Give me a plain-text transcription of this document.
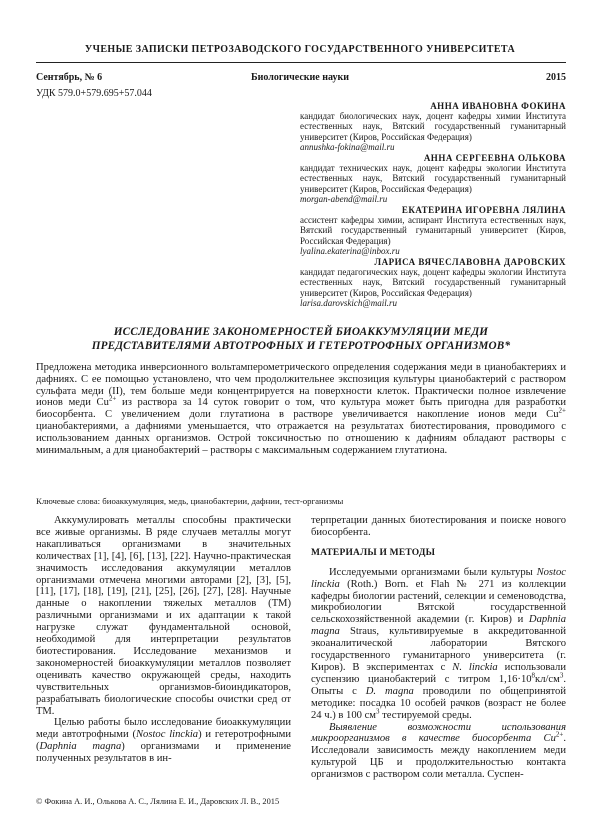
УЧЕНЫЕ ЗАПИСКИ ПЕТРОЗАВОДСКОГО ГОСУДАРСТВЕННОГО УНИВЕРСИТЕТА
Сентябрь, № 6	Биологические науки	2015
УДК 579.0+579.695+57.044
АННА ИВАНОВНА ФОКИНА
кандидат биологических наук, доцент кафедры химии Института естественных наук, Вятский государственный гуманитарный университет (Киров, Российская Федерация)
annushka-fokina@mail.ru
АННА СЕРГЕЕВНА ОЛЬКОВА
кандидат технических наук, доцент кафедры экологии Института естественных наук, Вятский государственный гуманитарный университет (Киров, Российская Федерация)
morgan-abend@mail.ru
ЕКАТЕРИНА ИГОРЕВНА ЛЯЛИНА
ассистент кафедры химии, аспирант Института естественных наук, Вятский государственный гуманитарный университет (Киров, Российская Федерация)
lyalina.ekaterina@inbox.ru
ЛАРИСА ВЯЧЕСЛАВОВНА ДАРОВСКИХ
кандидат педагогических наук, доцент кафедры экологии Института естественных наук, Вятский государственный гуманитарный университет (Киров, Российская Федерация)
larisa.darovskich@mail.ru
ИССЛЕДОВАНИЕ ЗАКОНОМЕРНОСТЕЙ БИОАККУМУЛЯЦИИ МЕДИ
ПРЕДСТАВИТЕЛЯМИ АВТОТРОФНЫХ И ГЕТЕРОТРОФНЫХ ОРГАНИЗМОВ*
Предложена методика инверсионного вольтамперометрического определения содержания меди в цианобактериях и дафниях. С ее помощью установлено, что чем продолжительнее экспозиция культуры цианобактерий с раствором сульфата меди (II), тем больше меди концентрируется на поверхности клеток. Практически полное извлечение ионов меди $Cu^{2+}$ из раствора за 14 суток говорит о том, что культура может быть пригодна для разработки биосорбента. С увеличением доли глутатиона в растворе увеличивается накопление ионов меди $Cu^{2+}$ цианобактериями, а дафниями уменьшается, что отражается на результатах биотестирования, проводимого с использованием данных организмов. Острой токсичностью по отношению к дафниям обладают растворы с минимальным, а для цианобактерий – растворы с максимальным содержанием глутатиона.
Ключевые слова: биоаккумуляция, медь, цианобактерии, дафнии, тест-организмы

Аккумулировать металлы способны практически все живые организмы. В ряде случаев металлы могут накапливаться организмами в значительных количествах [1], [4], [6], [13], [22]. Научно-практическая значимость исследования аккумуляции металлов организмами отмечена многими авторами [2], [3], [5], [11], [17], [18], [19], [21], [25], [26], [27], [28]. Научные данные о накоплении тяжелых металлов (ТМ) различными организмами и их адаптации к такой нагрузке служат фундаментальной основой, необходимой для интерпретации результатов биотестирования. Исследование механизмов и закономерностей биоаккумуляции металлов позволяет оценивать качество окружающей среды, находить чувствительных организмов-биоиндикаторов, разрабатывать биологические способы очистки сред от ТМ.

Целью работы было исследование биоаккумуляции меди автотрофными (Nostoc linckia) и гетеротрофными (Daphnia magna) организмами и применение полученных результатов в ин-

терпретации данных биотестирования и поиске нового биосорбента.

МАТЕРИАЛЫ И МЕТОДЫ

Исследуемыми организмами были культуры Nostoc linckia (Roth.) Born. et Flah № 271 из коллекции кафедры биологии растений, селекции и семеноводства, микробиологии Вятской государственной сельскохозяйственной академии (г. Киров) и Daphnia magna Straus, культивируемые в аккредитованной экоаналитической лаборатории Вятского государственного гуманитарного университета (г. Киров). В экспериментах с N. linckia использовали суспензию цианобактерий с титром $1,16\cdot 10^8кл/см^3$. Опыты с D. magna проводили по общепринятой методике: посадка 10 особей рачков (возраст не более 24 ч.) в 100 $см^3$ тестируемой среды.

Выявление возможности использования микроорганизмов в качестве биосорбента $Cu^{2+}$. Исследовали зависимость между накоплением меди культурой ЦБ и продолжительностью контакта организмов с раствором соли металла. Суспен-

© Фокина А. И., Олькова А. С., Лялина Е. И., Даровских Л. В., 2015
